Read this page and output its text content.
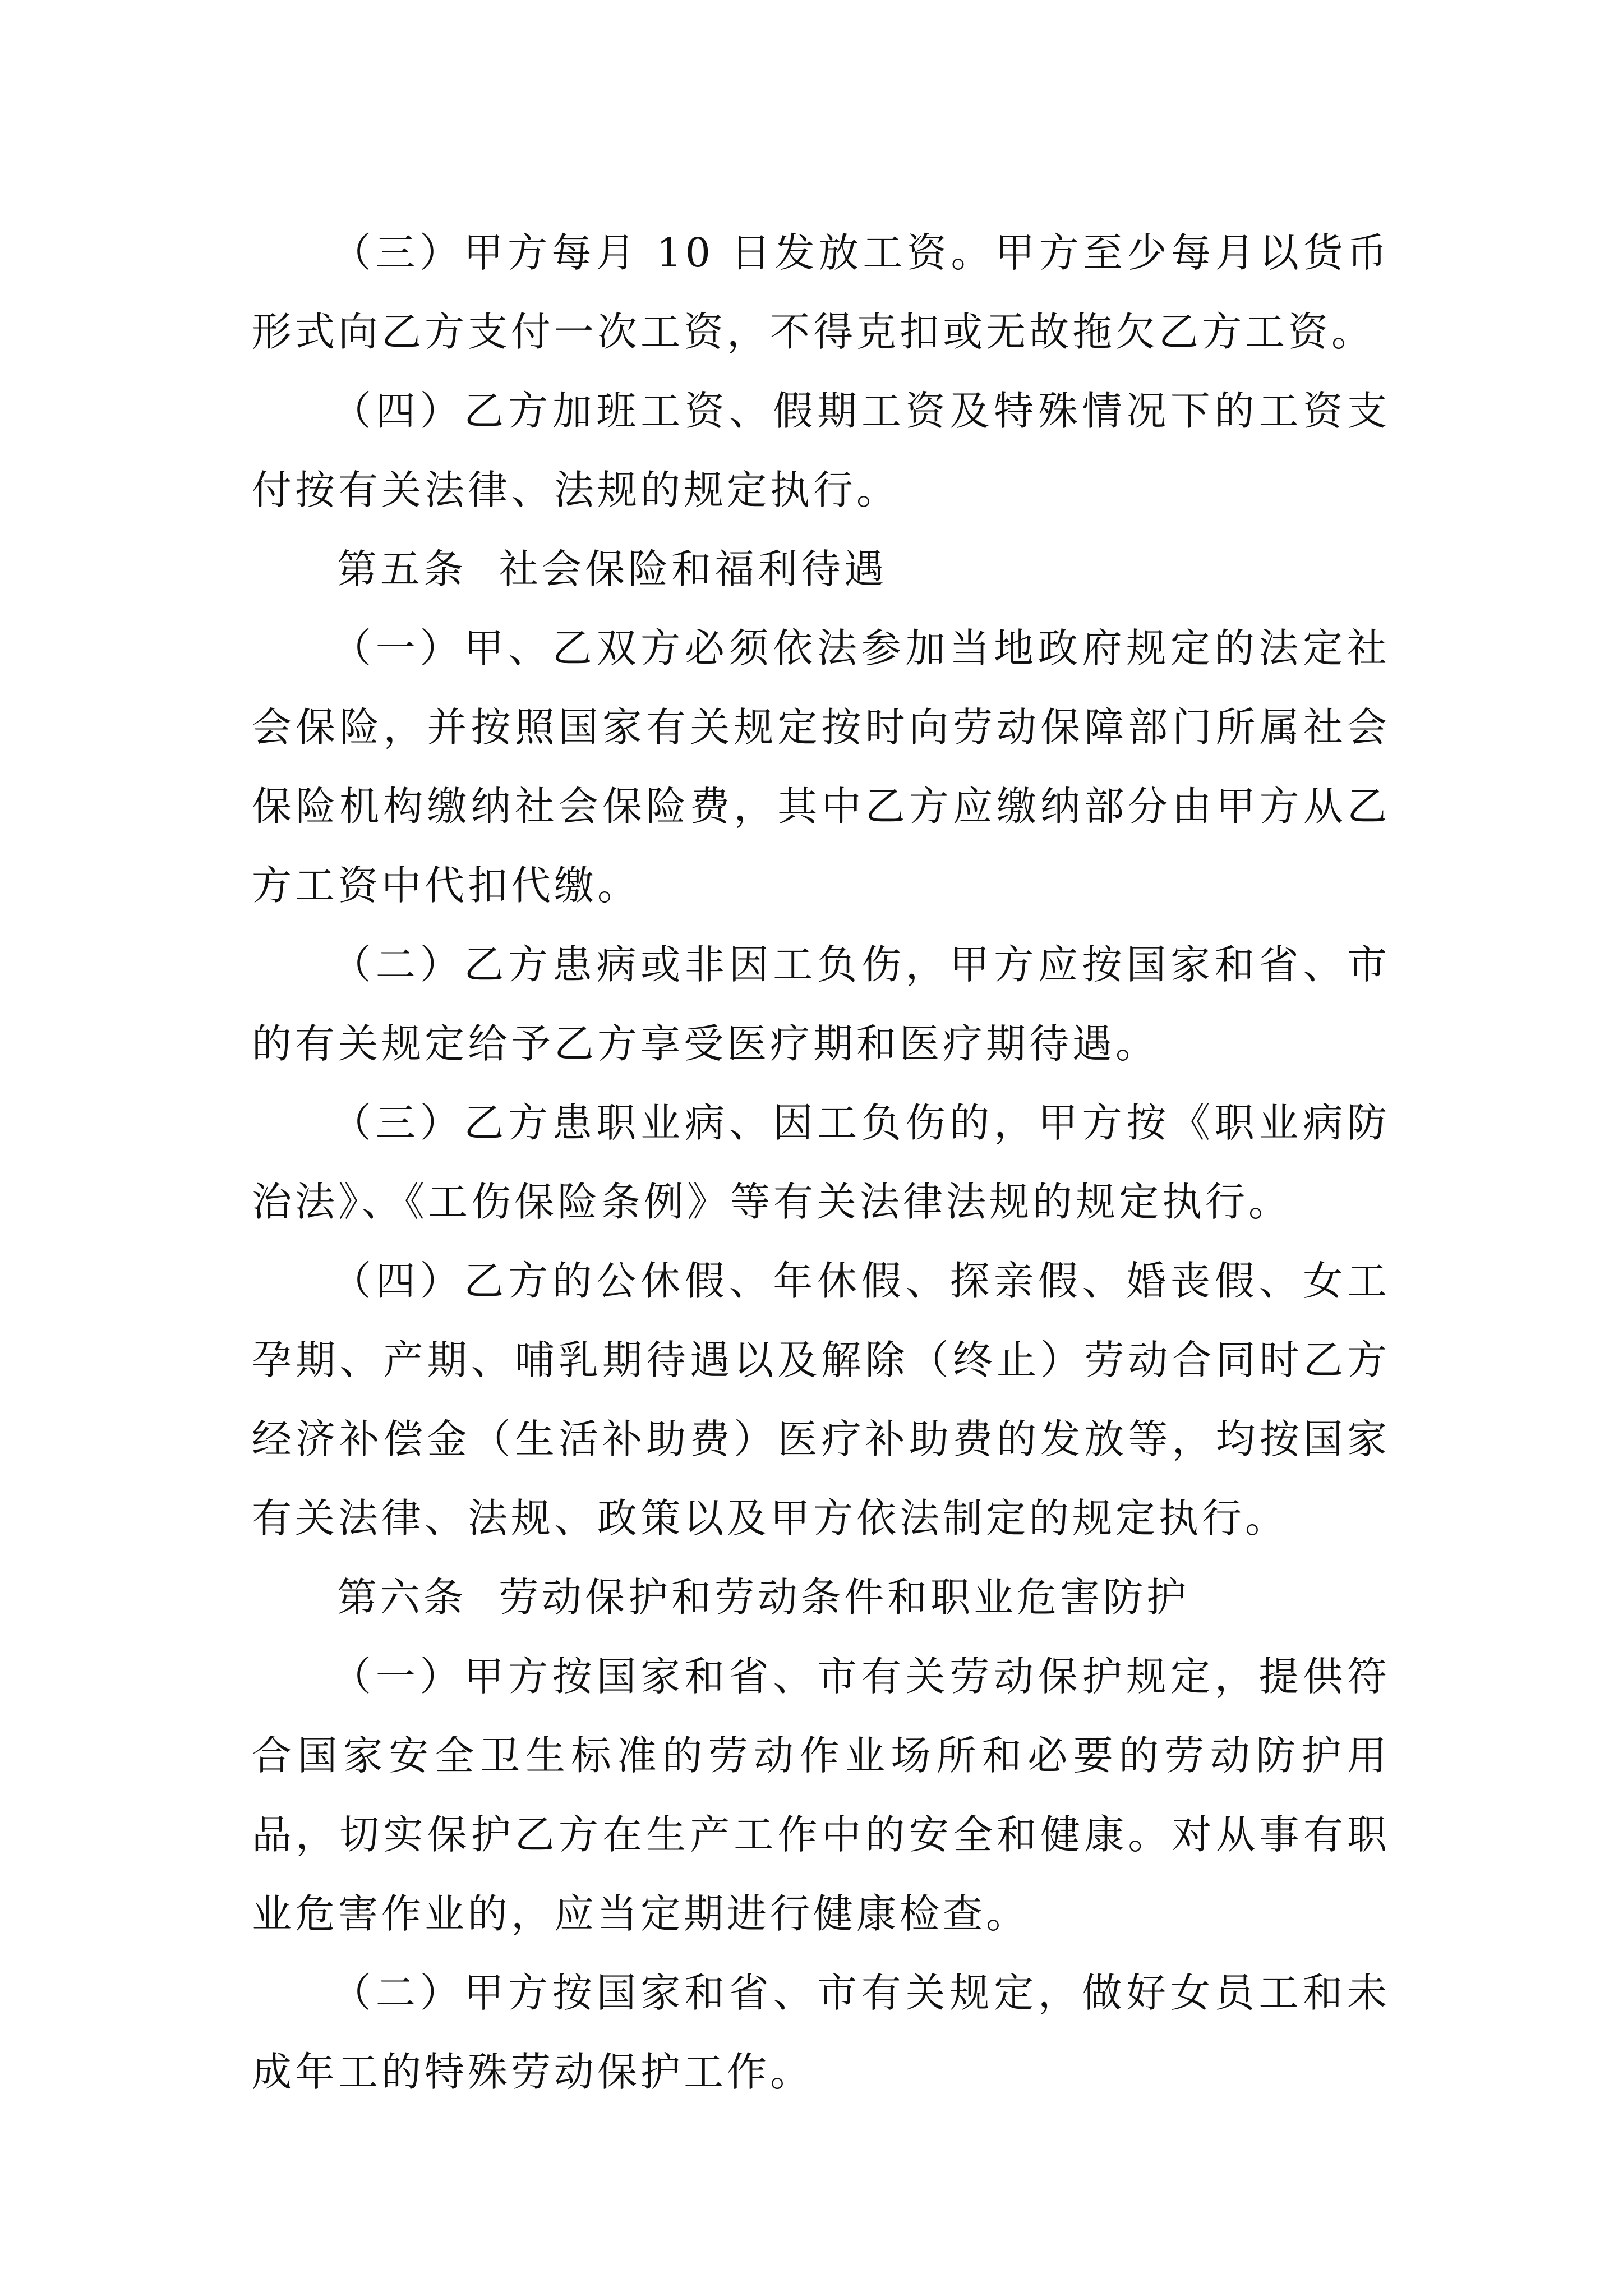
（三）甲方每月 10 日发放工资。甲方至少每月以货币形式向乙方支付一次工资，不得克扣或无故拖欠乙方工资。

（四）乙方加班工资、假期工资及特殊情况下的工资支付按有关法律、法规的规定执行。

第五条  社会保险和福利待遇

（一）甲、乙双方必须依法参加当地政府规定的法定社会保险，并按照国家有关规定按时向劳动保障部门所属社会保险机构缴纳社会保险费，其中乙方应缴纳部分由甲方从乙方工资中代扣代缴。

（二）乙方患病或非因工负伤，甲方应按国家和省、市的有关规定给予乙方享受医疗期和医疗期待遇。

（三）乙方患职业病、因工负伤的，甲方按《职业病防治法》、《工伤保险条例》等有关法律法规的规定执行。

（四）乙方的公休假、年休假、探亲假、婚丧假、女工孕期、产期、哺乳期待遇以及解除（终止）劳动合同时乙方经济补偿金（生活补助费）医疗补助费的发放等，均按国家有关法律、法规、政策以及甲方依法制定的规定执行。

第六条  劳动保护和劳动条件和职业危害防护

（一）甲方按国家和省、市有关劳动保护规定，提供符合国家安全卫生标准的劳动作业场所和必要的劳动防护用品，切实保护乙方在生产工作中的安全和健康。对从事有职业危害作业的，应当定期进行健康检查。

（二）甲方按国家和省、市有关规定，做好女员工和未成年工的特殊劳动保护工作。
